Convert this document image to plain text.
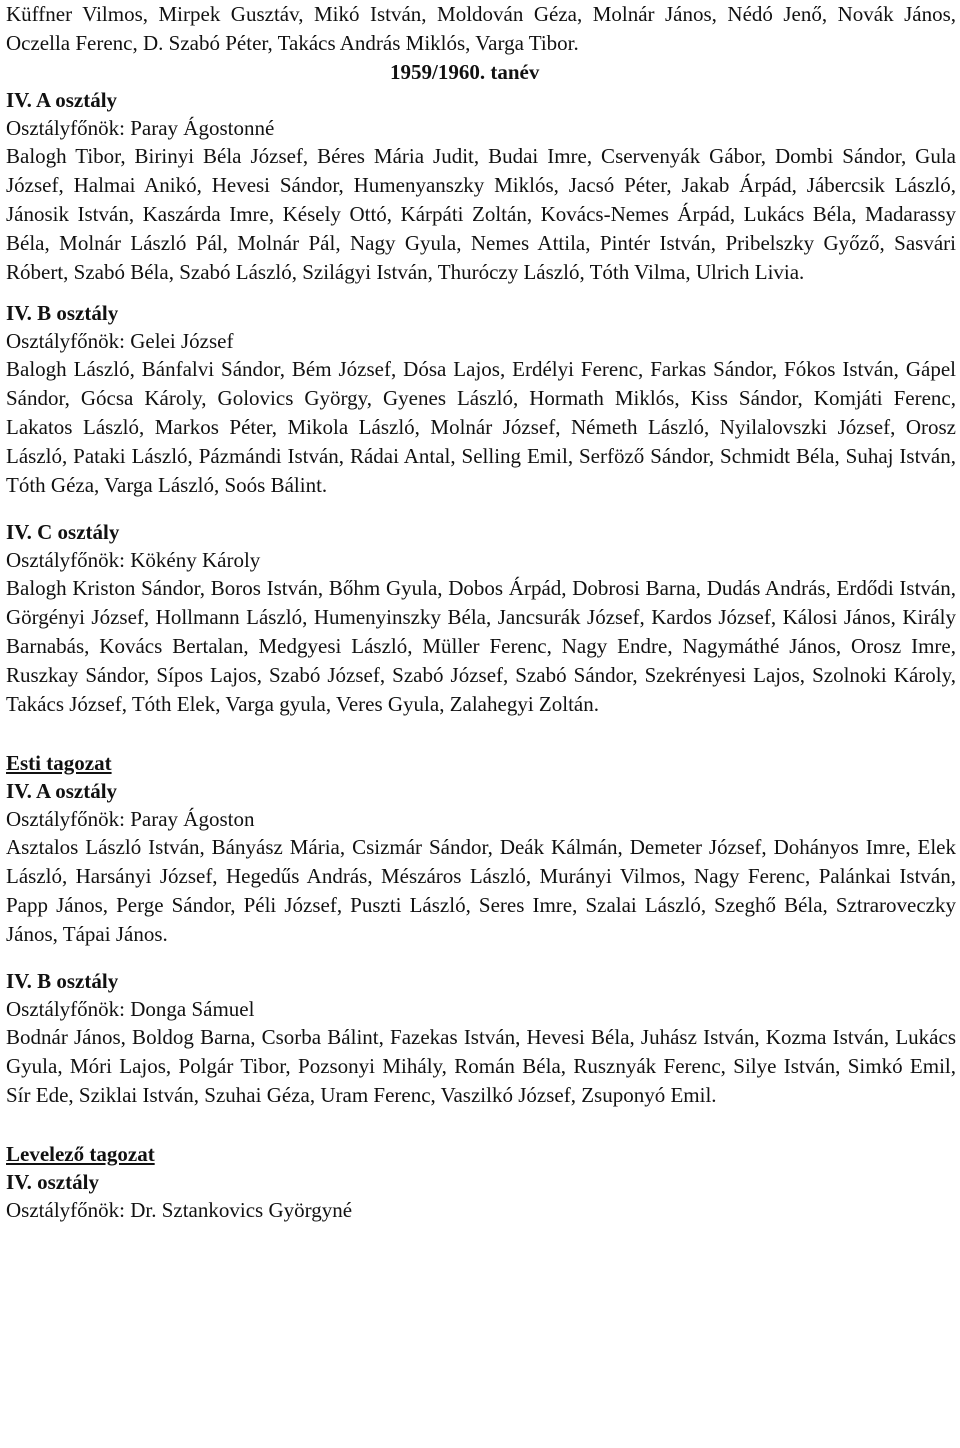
Küffner Vilmos, Mirpek Gusztáv, Mikó István, Moldován Géza, Molnár János, Nédó Jenő, Novák János, Oczella Ferenc, D. Szabó Péter, Takács András Miklós, Varga Tibor.

1959/1960. tanév

IV. A osztály

Osztályfőnök: Paray Ágostonné

Balogh Tibor, Birinyi Béla József, Béres Mária Judit, Budai Imre, Cservenyák Gábor, Dombi Sándor, Gula József, Halmai Anikó, Hevesi Sándor, Humenyanszky Miklós, Jacsó Péter, Jakab Árpád, Jábercsik László, Jánosik István, Kaszárda Imre, Késely Ottó, Kárpáti Zoltán, Kovács-Nemes Árpád, Lukács Béla, Madarassy Béla, Molnár László Pál, Molnár Pál, Nagy Gyula, Nemes Attila, Pintér István, Pribelszky Győző, Sasvári Róbert, Szabó Béla, Szabó László, Szilágyi István, Thuróczy László, Tóth Vilma, Ulrich Livia.

IV. B osztály

Osztályfőnök: Gelei József

Balogh László, Bánfalvi Sándor, Bém József, Dósa Lajos, Erdélyi Ferenc, Farkas Sándor, Fókos István, Gápel Sándor, Gócsa Károly, Golovics György, Gyenes László, Hormath Miklós, Kiss Sándor, Komjáti Ferenc, Lakatos László, Markos Péter, Mikola László, Molnár József, Németh László, Nyilalovszki József, Orosz László, Pataki László, Pázmándi István, Rádai Antal, Selling Emil, Serföző Sándor, Schmidt Béla, Suhaj István, Tóth Géza, Varga László, Soós Bálint.

IV. C osztály

Osztályfőnök: Kökény Károly

Balogh Kriston Sándor, Boros István, Bőhm Gyula, Dobos Árpád, Dobrosi Barna, Dudás András, Erdődi István, Görgényi József, Hollmann László, Humenyinszky Béla, Jancsurák József, Kardos József, Kálosi János, Király Barnabás, Kovács Bertalan, Medgyesi László, Müller Ferenc, Nagy Endre, Nagymáthé János, Orosz Imre, Ruszkay Sándor, Sípos Lajos, Szabó József, Szabó József, Szabó Sándor, Szekrényesi Lajos, Szolnoki Károly, Takács József, Tóth Elek, Varga gyula, Veres Gyula, Zalahegyi Zoltán.

Esti tagozat

IV. A osztály

Osztályfőnök: Paray Ágoston

Asztalos László István, Bányász Mária, Csizmár Sándor, Deák Kálmán, Demeter József, Dohányos Imre, Elek László, Harsányi József, Hegedűs András, Mészáros László, Murányi Vilmos, Nagy Ferenc, Palánkai István, Papp János, Perge Sándor, Péli József, Puszti László, Seres Imre, Szalai László, Szeghő Béla, Sztraroveczky János, Tápai János.

IV. B osztály

Osztályfőnök: Donga Sámuel

Bodnár János, Boldog Barna, Csorba Bálint, Fazekas István, Hevesi Béla, Juhász István, Kozma István, Lukács Gyula, Móri Lajos, Polgár Tibor, Pozsonyi Mihály, Román Béla, Rusznyák Ferenc, Silye István, Simkó Emil, Sír Ede, Sziklai István, Szuhai Géza, Uram Ferenc, Vaszilkó József, Zsuponyó Emil.

Levelező tagozat

IV. osztály

Osztályfőnök: Dr. Sztankovics Györgyné
